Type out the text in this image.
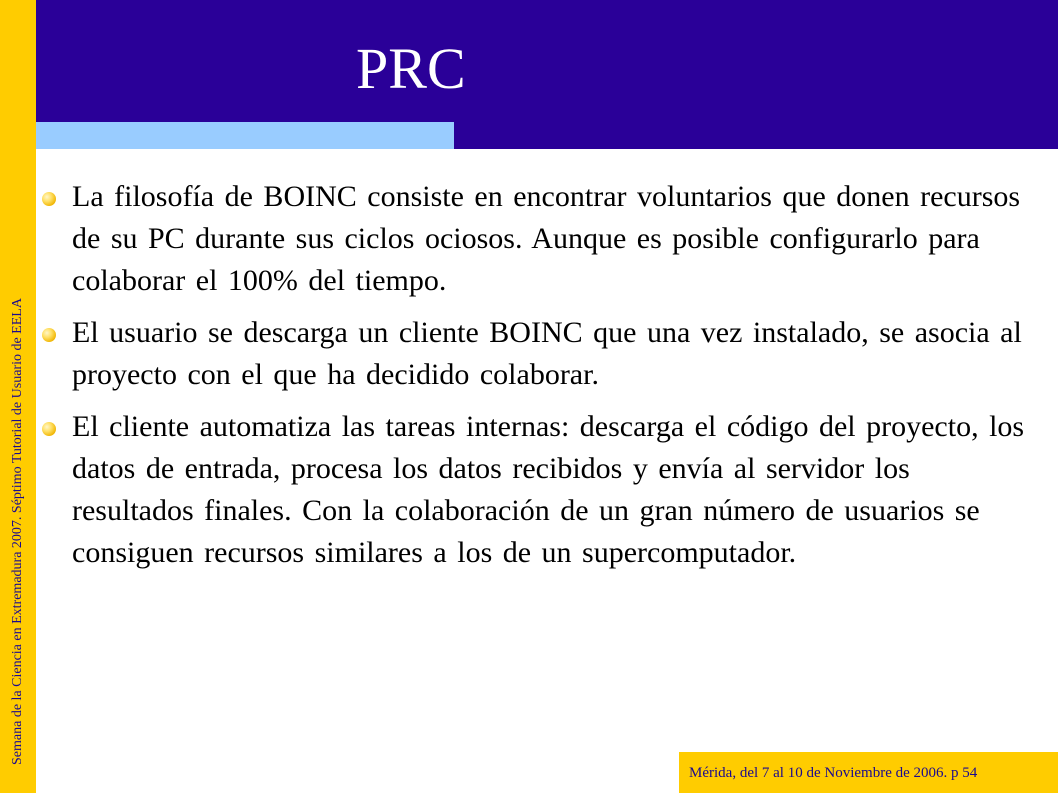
Semana de la Ciencia en Extremadura 2007. Séptimo Tutorial de Usuario de EELA
PRC
La filosofía de BOINC consiste en encontrar voluntarios que donen recursos de su PC durante sus ciclos ociosos. Aunque es posible configurarlo para colaborar el 100% del tiempo.
El usuario se descarga un cliente BOINC que una vez instalado, se asocia al proyecto con el que ha decidido colaborar.
El cliente automatiza las tareas internas: descarga el código del proyecto, los datos de entrada, procesa los datos recibidos y envía al servidor los resultados finales. Con la colaboración de un gran número de usuarios se consiguen recursos similares a los de un supercomputador.
Mérida, del 7 al 10 de Noviembre de 2006. p 54
